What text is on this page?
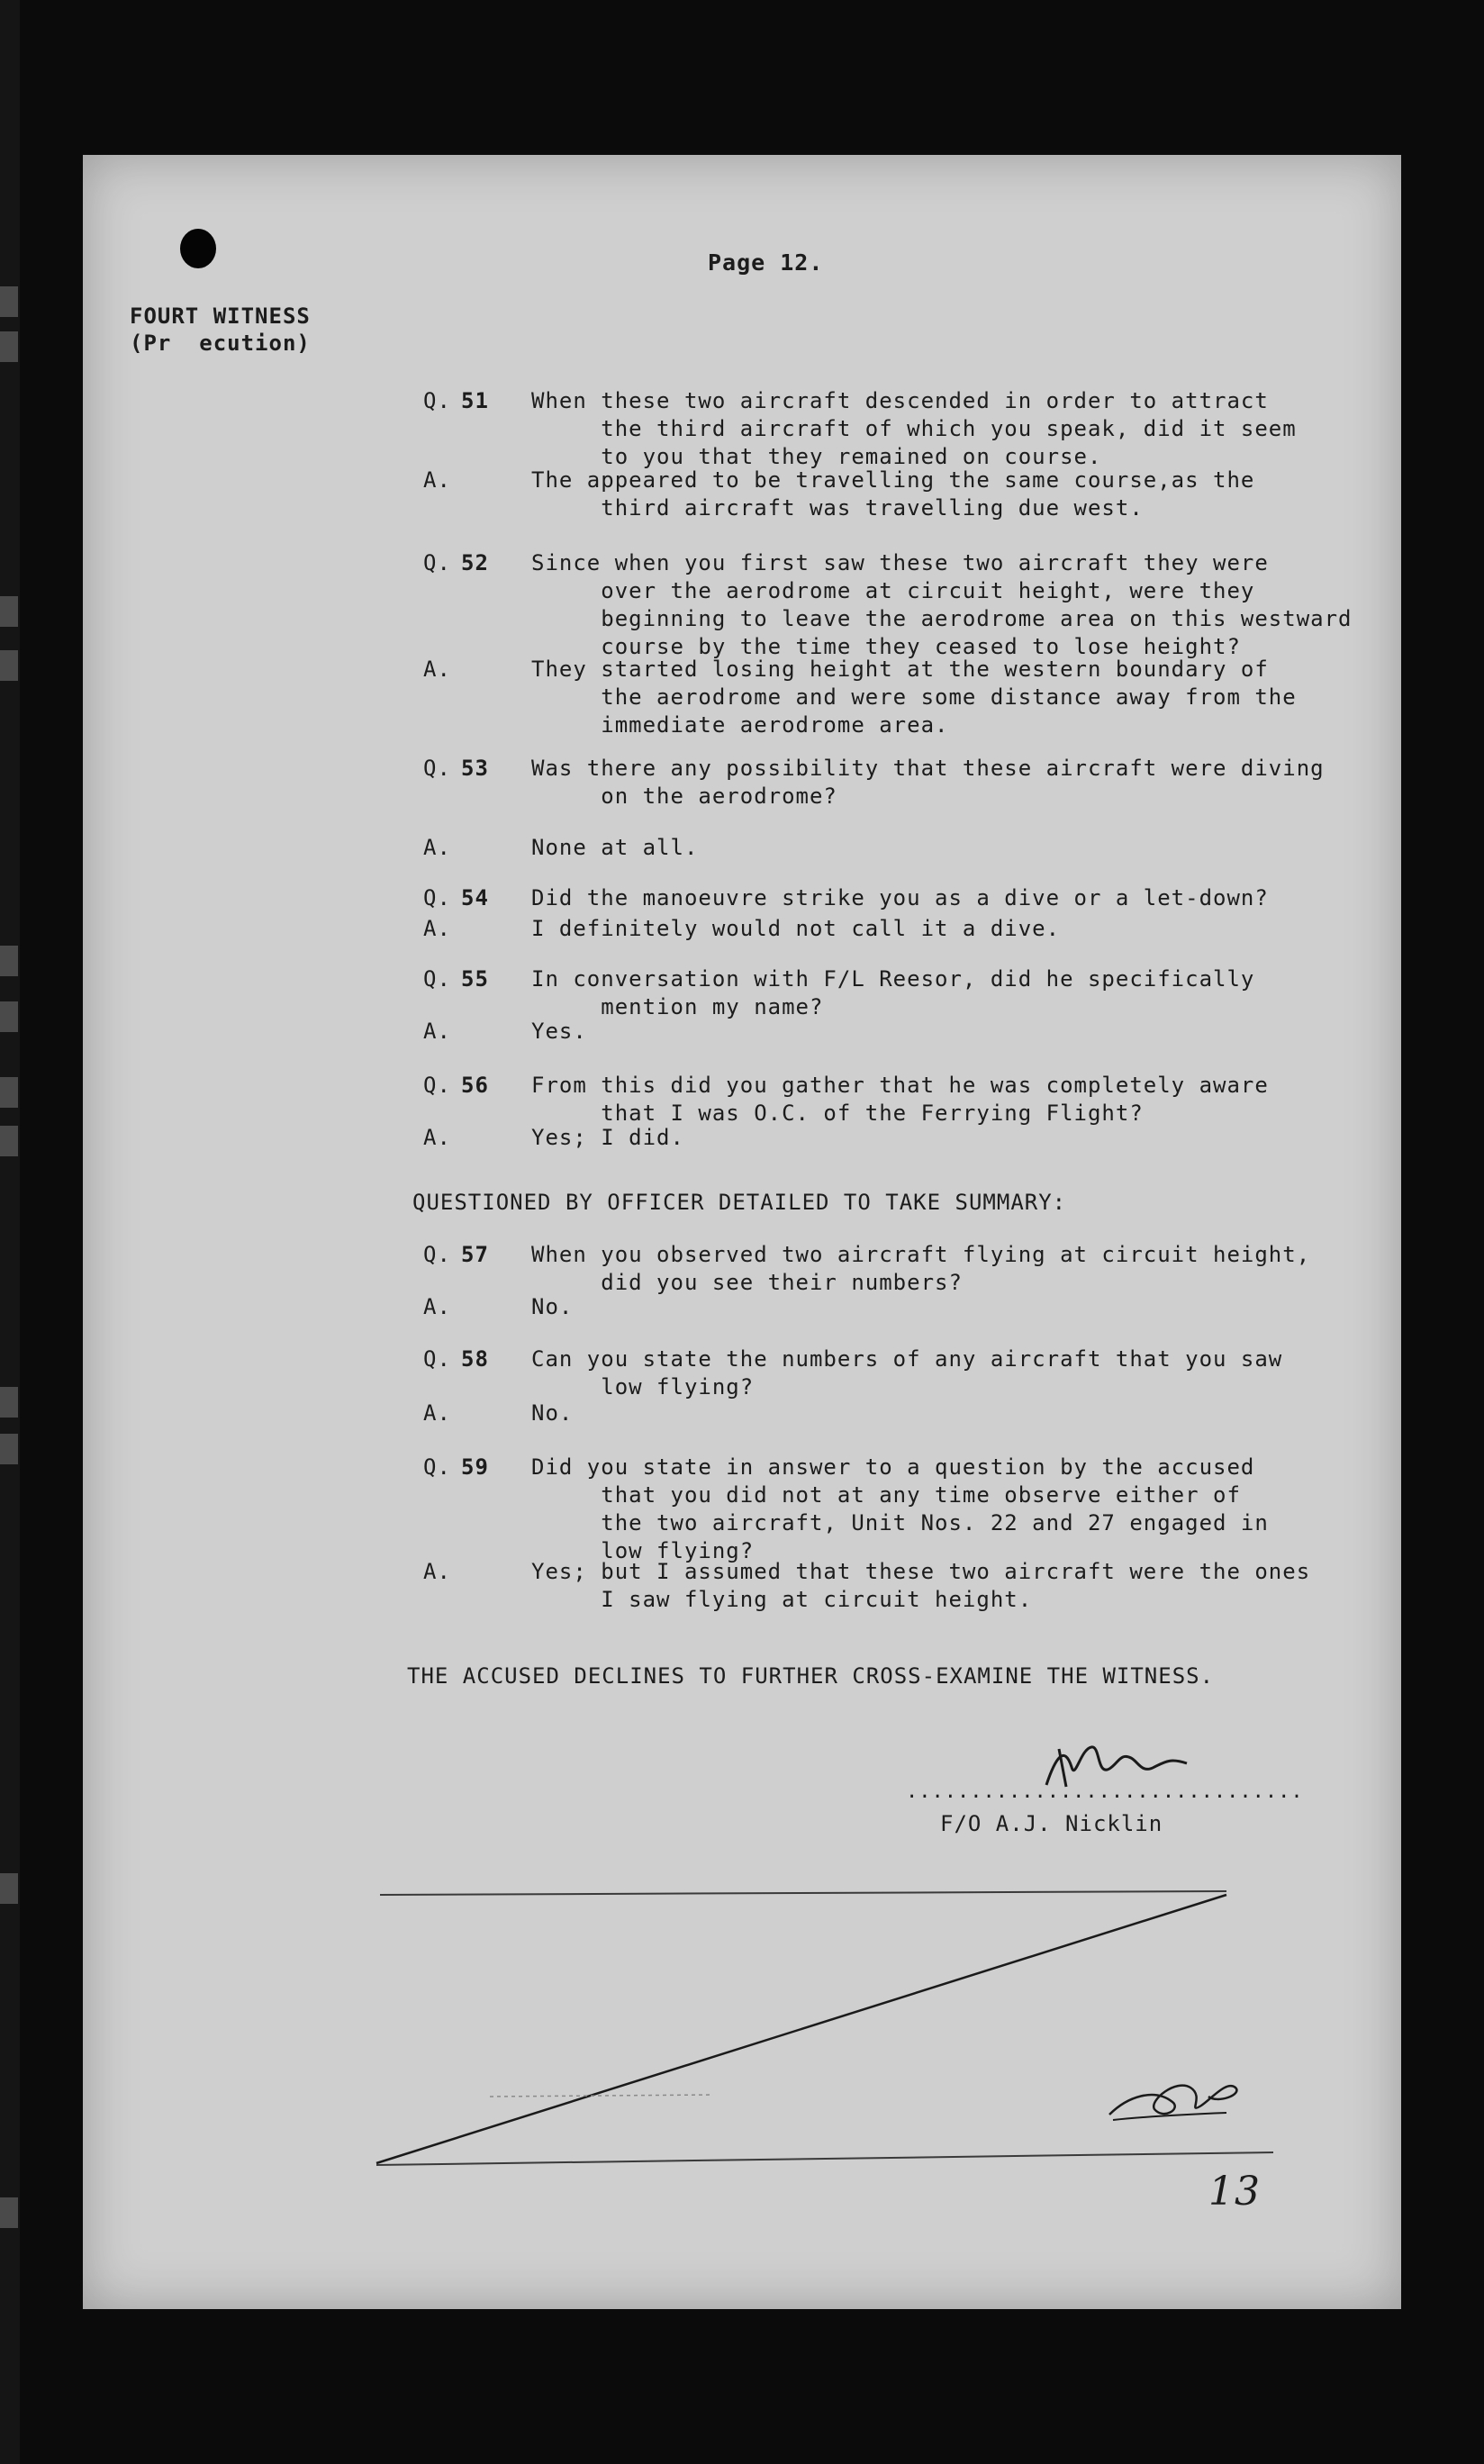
Page 12.
FOURT WITNESS
(Pr  ecution)
QUESTIONED BY OFFICER DETAILED TO TAKE SUMMARY:
THE ACCUSED DECLINES TO FURTHER CROSS-EXAMINE THE WITNESS.
...............................
F/O A.J. Nicklin
13
Q. 51 When these two aircraft descended in order to attract
the third aircraft of which you speak, did it seem
to you that they remained on course.
A.	The appeared to be travelling the same course,as the
third aircraft was travelling due west.
Q. 52 Since when you first saw these two aircraft they were
over the aerodrome at circuit height, were they
beginning to leave the aerodrome area on this westward
course by the time they ceased to lose height?
A.	They started losing height at the western boundary of
the aerodrome and were some distance away from the
immediate aerodrome area.
Q. 53 Was there any possibility that these aircraft were diving
on the aerodrome?
A.	None at all.
Q. 54 Did the manoeuvre strike you as a dive or a let-down?
A.	I definitely would not call it a dive.
Q. 55 In conversation with F/L Reesor, did he specifically
mention my name?
A.	Yes.
Q. 56 From this did you gather that he was completely aware
that I was O.C. of the Ferrying Flight?
A.	Yes; I did.
Q. 57 When you observed two aircraft flying at circuit height,
did you see their numbers?
A.	No.
Q. 58 Can you state the numbers of any aircraft that you saw
low flying?
A.	No.
Q. 59 Did you state in answer to a question by the accused
that you did not at any time observe either of
the two aircraft, Unit Nos. 22 and 27 engaged in
low flying?
A.	Yes; but I assumed that these two aircraft were the ones
I saw flying at circuit height.
